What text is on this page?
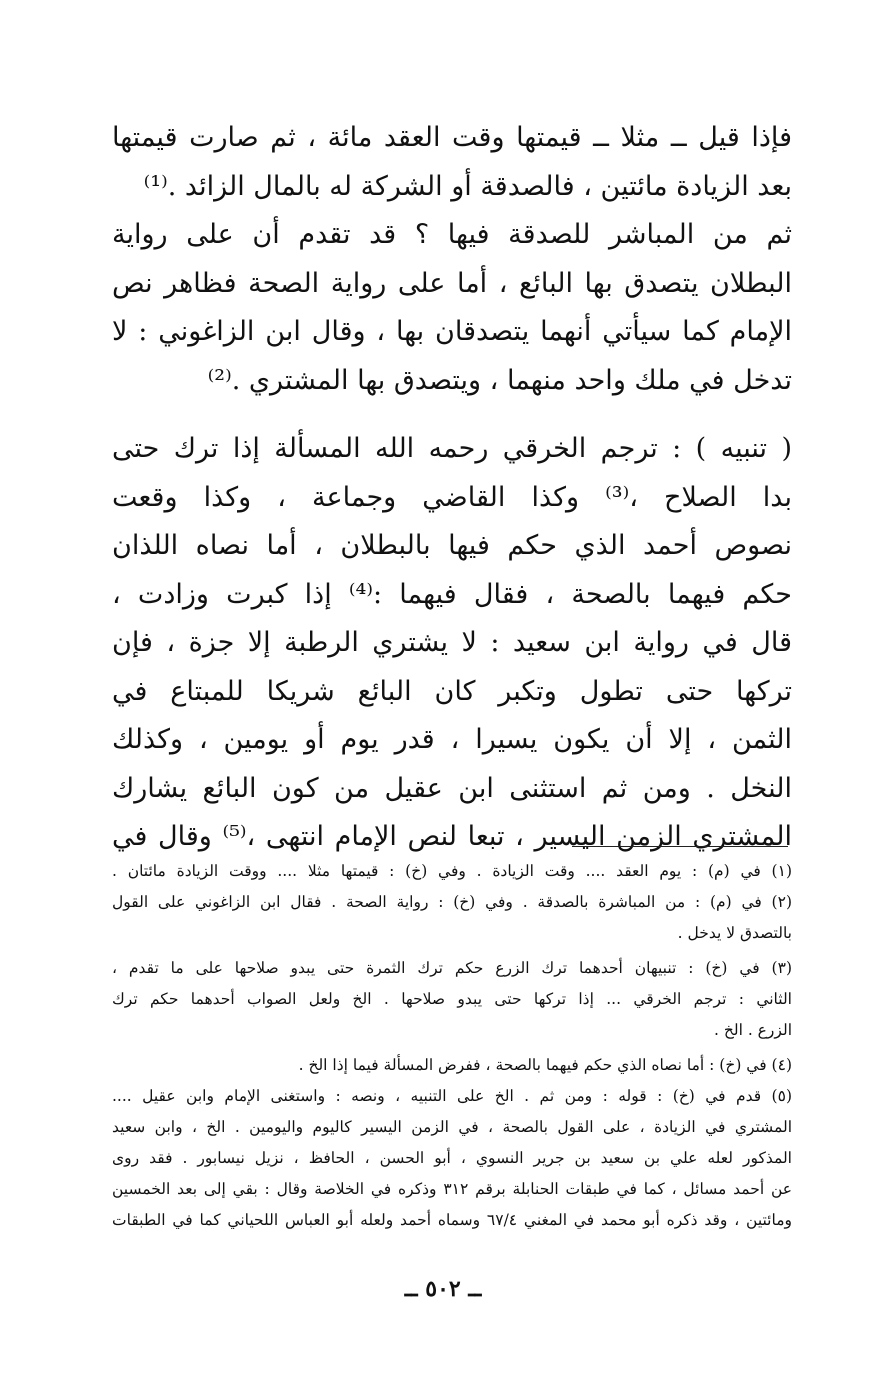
فإذا قيل ــ مثلا ــ قيمتها وقت العقد مائة ، ثم صارت قيمتها
بعد الزيادة مائتين ، فالصدقة أو الشركة له بالمال الزائد .⁽¹⁾
ثم من المباشر للصدقة فيها ؟ قد تقدم أن على رواية
البطلان يتصدق بها البائع ، أما على رواية الصحة فظاهر نص
الإمام كما سيأتي أنهما يتصدقان بها ، وقال ابن الزاغوني : لا
تدخل في ملك واحد منهما ، ويتصدق بها المشتري .⁽²⁾
( تنبيه ) : ترجم الخرقي رحمه الله المسألة إذا ترك حتى
بدا الصلاح ،⁽³⁾ وكذا القاضي وجماعة ، وكذا وقعت
نصوص أحمد الذي حكم فيها بالبطلان ، أما نصاه اللذان
حكم فيهما بالصحة ، فقال فيهما :⁽⁴⁾ إذا كبرت وزادت ،
قال في رواية ابن سعيد : لا يشتري الرطبة إلا جزة ، فإن
تركها حتى تطول وتكبر كان البائع شريكا للمبتاع في
الثمن ، إلا أن يكون يسيرا ، قدر يوم أو يومين ، وكذلك
النخل . ومن ثم استثنى ابن عقيل من كون البائع يشارك
المشتري الزمن اليسير ، تبعا لنص الإمام انتهى ،⁽⁵⁾ وقال في
(١) في (م) : يوم العقد .... وقت الزيادة . وفي (خ) : قيمتها مثلا .... ووقت الزيادة مائتان .
(٢) في (م) : من المباشرة بالصدقة . وفي (خ) : رواية الصحة . فقال ابن الزاغوني على القول
بالتصدق لا يدخل .
(٣) في (خ) : تنبيهان أحدهما ترك الزرع حكم ترك الثمرة حتى يبدو صلاحها على ما تقدم ،
الثاني : ترجم الخرقي ... إذا تركها حتى يبدو صلاحها . الخ ولعل الصواب أحدهما حكم ترك
الزرع . الخ .
(٤) في (خ) : أما نصاه الذي حكم فيهما بالصحة ، ففرض المسألة فيما إذا الخ .
(٥) قدم في (خ) : قوله : ومن ثم . الخ على التنبيه ، ونصه : واستغنى الإمام وابن عقيل ....
المشتري في الزيادة ، على القول بالصحة ، في الزمن اليسير كاليوم واليومين . الخ ، وابن سعيد
المذكور لعله علي بن سعيد بن جرير النسوي ، أبو الحسن ، الحافظ ، نزيل نيسابور . فقد روى
عن أحمد مسائل ، كما في طبقات الحنابلة برقم ٣١٢ وذكره في الخلاصة وقال : بقي إلى بعد الخمسين
ومائتين ، وقد ذكره أبو محمد في المغني ٦٧/٤ وسماه أحمد ولعله أبو العباس اللحياني كما في الطبقات
ــ ٥٠٢ ــ
